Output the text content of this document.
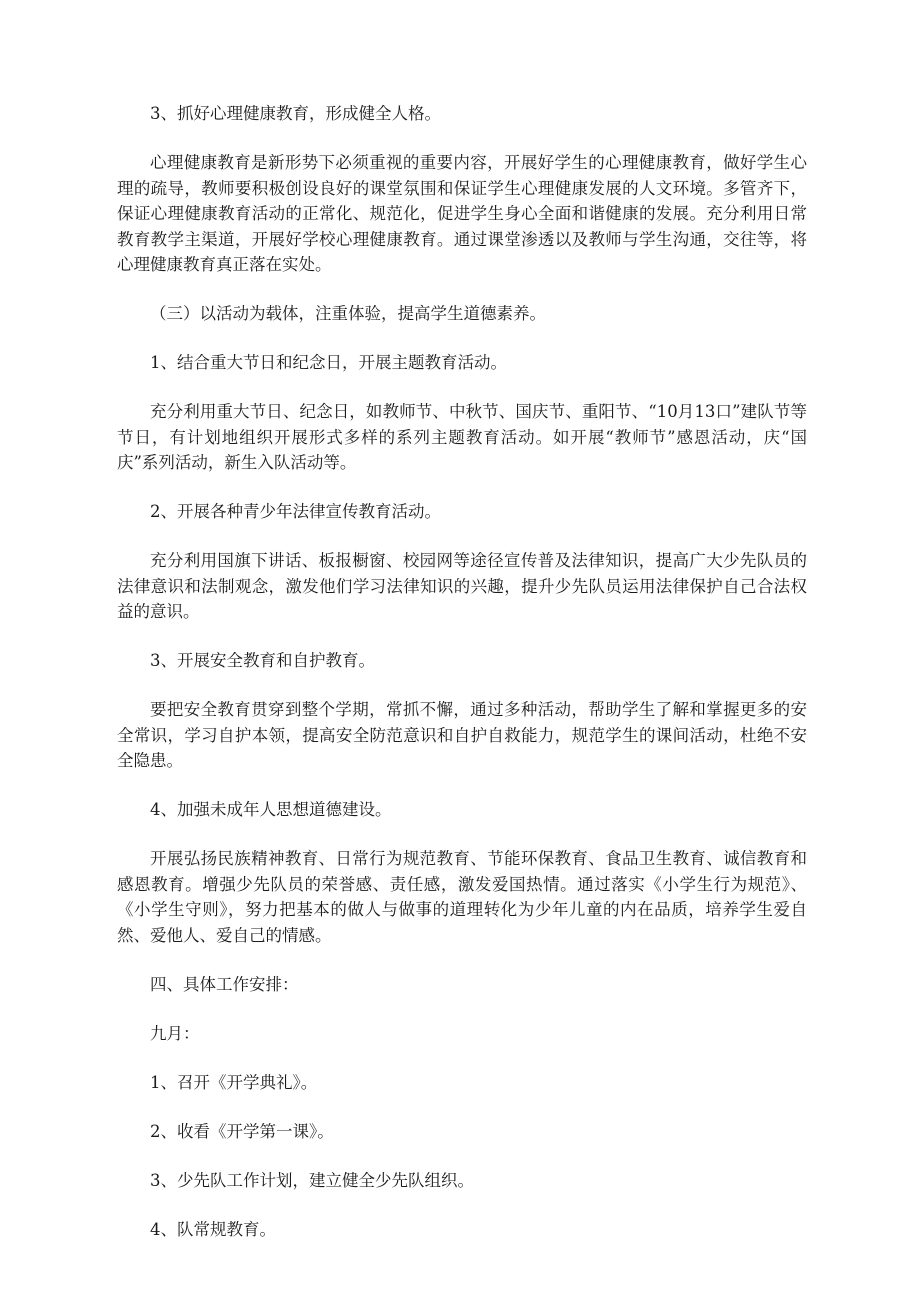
3、抓好心理健康教育，形成健全人格。

心理健康教育是新形势下必须重视的重要内容，开展好学生的心理健康教育，做好学生心理的疏导，教师要积极创设良好的课堂氛围和保证学生心理健康发展的人文环境。多管齐下，保证心理健康教育活动的正常化、规范化，促进学生身心全面和谐健康的发展。充分利用日常教育教学主渠道，开展好学校心理健康教育。通过课堂渗透以及教师与学生沟通，交往等，将心理健康教育真正落在实处。

（三）以活动为载体，注重体验，提高学生道德素养。

1、结合重大节日和纪念日，开展主题教育活动。

充分利用重大节日、纪念日，如教师节、中秋节、国庆节、重阳节、“10月13口”建队节等节日，有计划地组织开展形式多样的系列主题教育活动。如开展“教师节”感恩活动，庆“国庆”系列活动，新生入队活动等。

2、开展各种青少年法律宣传教育活动。

充分利用国旗下讲话、板报橱窗、校园网等途径宣传普及法律知识，提高广大少先队员的法律意识和法制观念，激发他们学习法律知识的兴趣，提升少先队员运用法律保护自己合法权益的意识。

3、开展安全教育和自护教育。

要把安全教育贯穿到整个学期，常抓不懈，通过多种活动，帮助学生了解和掌握更多的安全常识，学习自护本领，提高安全防范意识和自护自救能力，规范学生的课间活动，杜绝不安全隐患。

4、加强未成年人思想道德建设。

开展弘扬民族精神教育、日常行为规范教育、节能环保教育、食品卫生教育、诚信教育和感恩教育。增强少先队员的荣誉感、责任感，激发爱国热情。通过落实《小学生行为规范》、《小学生守则》，努力把基本的做人与做事的道理转化为少年儿童的内在品质，培养学生爱自然、爱他人、爱自己的情感。

四、具体工作安排：

九月：

1、召开《开学典礼》。

2、收看《开学第一课》。

3、少先队工作计划，建立健全少先队组织。

4、队常规教育。
